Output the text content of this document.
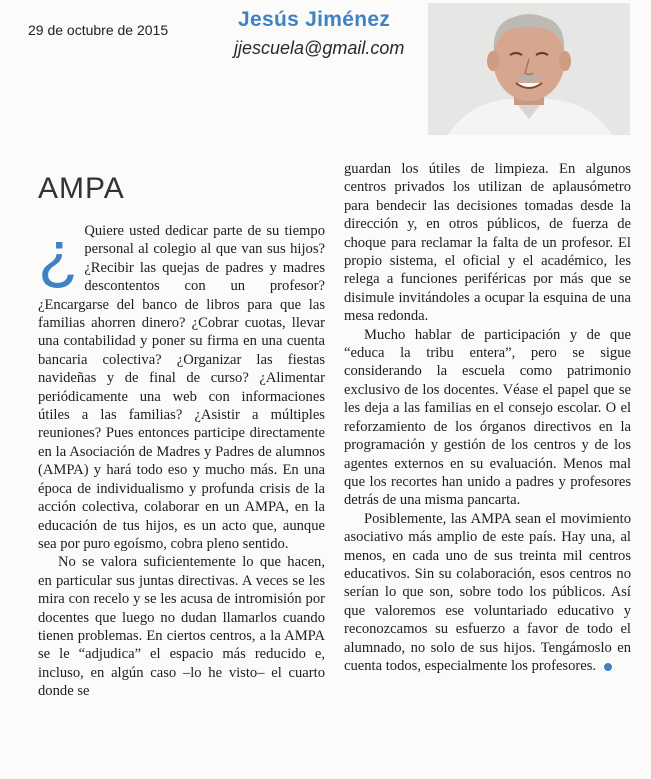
29 de octubre de 2015	Jesús Jiménez
jjescuela@gmail.com
AMPA
¿ Quiere usted dedicar parte de su tiempo personal al colegio al que van sus hijos? ¿Recibir las quejas de padres y madres descontentos con un profesor? ¿Encargarse del banco de libros para que las familias ahorren dinero? ¿Cobrar cuotas, llevar una contabilidad y poner su firma en una cuenta bancaria colectiva? ¿Organizar las fiestas navideñas y de final de curso? ¿Alimentar periódicamente una web con informaciones útiles a las familias? ¿Asistir a múltiples reuniones? Pues entonces participe directamente en la Asociación de Madres y Padres de alumnos (AMPA) y hará todo eso y mucho más. En una época de individualismo y profunda crisis de la acción colectiva, colaborar en un AMPA, en la educación de tus hijos, es un acto que, aunque sea por puro egoísmo, cobra pleno sentido.

No se valora suficientemente lo que hacen, en particular sus juntas directivas. A veces se les mira con recelo y se les acusa de intromisión por docentes que luego no dudan llamarlos cuando tienen problemas. En ciertos centros, a la AMPA se le “adjudica” el espacio más reducido e, incluso, en algún caso –lo he visto– el cuarto donde se

guardan los útiles de limpieza. En algunos centros privados los utilizan de aplausómetro para bendecir las decisiones tomadas desde la dirección y, en otros públicos, de fuerza de choque para reclamar la falta de un profesor. El propio sistema, el oficial y el académico, les relega a funciones periféricas por más que se disimule invitándoles a ocupar la esquina de una mesa redonda.

Mucho hablar de participación y de que “educa la tribu entera”, pero se sigue considerando la escuela como patrimonio exclusivo de los docentes. Véase el papel que se les deja a las familias en el consejo escolar. O el reforzamiento de los órganos directivos en la programación y gestión de los centros y de los agentes externos en su evaluación. Menos mal que los recortes han unido a padres y profesores detrás de una misma pancarta.

Posiblemente, las AMPA sean el movimiento asociativo más amplio de este país. Hay una, al menos, en cada uno de sus treinta mil centros educativos. Sin su colaboración, esos centros no serían lo que son, sobre todo los públicos. Así que valoremos ese voluntariado educativo y reconozcamos su esfuerzo a favor de todo el alumnado, no solo de sus hijos. Tengámoslo en cuenta todos, especialmente los profesores.
